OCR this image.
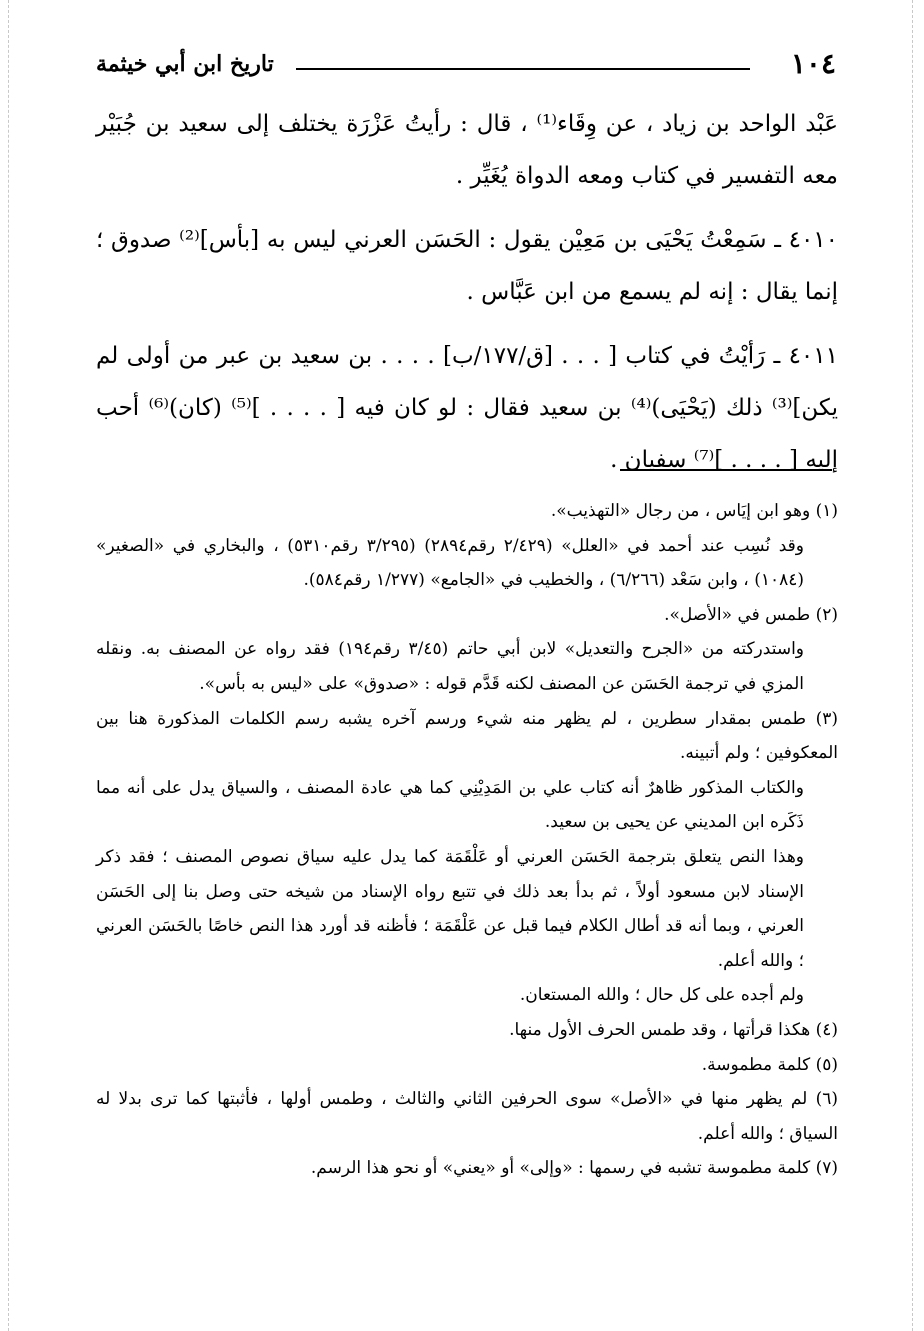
١٠٤
تاريخ ابن أبي خيثمة

عَبْد الواحد بن زياد ، عن وِقَاء⁽¹⁾ ، قال : رأيتُ عَزْرَة يختلف إلى سعيد بن جُبَيْر معه التفسير في كتاب ومعه الدواة يُغَيِّر .

٤٠١٠ ـ سَمِعْتُ يَحْيَى بن مَعِيْن يقول : الحَسَن العرني ليس به [بأس]⁽²⁾ صدوق ؛ إنما يقال : إنه لم يسمع من ابن عَبَّاس .

٤٠١١ ـ رَأيْتُ في كتاب [ . . . [ق/١٧٧/ب] . . . . بن سعيد بن عبر من أولى لم يكن]⁽³⁾ ذلك (يَحْيَى)⁽⁴⁾ بن سعيد فقال : لو كان فيه [ . . . . ]⁽⁵⁾ (كان)⁽⁶⁾ أحب إليه [ . . . . ]⁽⁷⁾ سفيان .

(١) وهو ابن إيَاس ، من رجال «التهذيب».

وقد نُسِب عند أحمد في «العلل» (٢/٤٢٩ رقم٢٨٩٤) (٣/٢٩٥ رقم٥٣١٠) ، والبخاري في «الصغير» (١٠٨٤) ، وابن سَعْد (٦/٢٦٦) ، والخطيب في «الجامع» (١/٢٧٧ رقم٥٨٤).

(٢) طمس في «الأصل».

واستدركته من «الجرح والتعديل» لابن أبي حاتم (٣/٤٥ رقم١٩٤) فقد رواه عن المصنف به. ونقله المزي في ترجمة الحَسَن عن المصنف لكنه قَدَّم قوله : «صدوق» على «ليس به بأس».

(٣) طمس بمقدار سطرين ، لم يظهر منه شيء ورسم آخره يشبه رسم الكلمات المذكورة هنا بين المعكوفين ؛ ولم أتبينه.

والكتاب المذكور ظاهرٌ أنه كتاب علي بن المَدِيْنِي كما هي عادة المصنف ، والسياق يدل على أنه مما ذَكَره ابن المديني عن يحيى بن سعيد.

وهذا النص يتعلق بترجمة الحَسَن العرني أو عَلْقَمَة كما يدل عليه سياق نصوص المصنف ؛ فقد ذكر الإسناد لابن مسعود أولاً ، ثم بدأ بعد ذلك في تتبع رواه الإسناد من شيخه حتى وصل بنا إلى الحَسَن العرني ، وبما أنه قد أطال الكلام فيما قبل عن عَلْقَمَة ؛ فأظنه قد أورد هذا النص خاصًا بالحَسَن العرني ؛ والله أعلم.

ولم أجده على كل حال ؛ والله المستعان.

(٤) هكذا قرأتها ، وقد طمس الحرف الأول منها.

(٥) كلمة مطموسة.

(٦) لم يظهر منها في «الأصل» سوى الحرفين الثاني والثالث ، وطمس أولها ، فأثبتها كما ترى بدلا له السياق ؛ والله أعلم.

(٧) كلمة مطموسة تشبه في رسمها : «وإلى» أو «يعني» أو نحو هذا الرسم.
